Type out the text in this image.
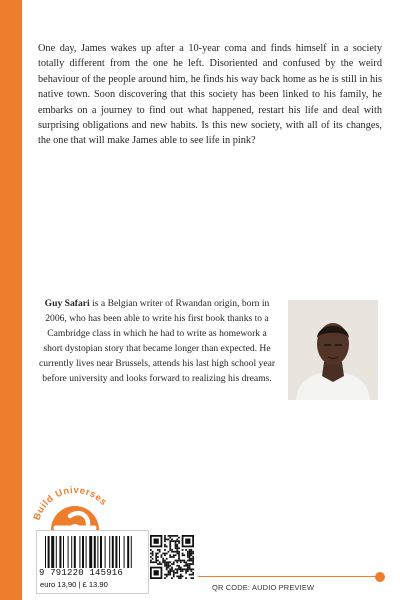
One day, James wakes up after a 10-year coma and finds himself in a society totally different from the one he left. Disoriented and confused by the weird behaviour of the people around him, he finds his way back home as he is still in his native town. Soon discovering that this society has been linked to his family, he embarks on a journey to find out what happened, restart his life and deal with surprising obligations and new habits. Is this new society, with all of its changes, the one that will make James able to see life in pink?

Guy Safari is a Belgian writer of Rwandan origin, born in 2006, who has been able to write his first book thanks to a Cambridge class in which he had to write as homework a short dystopian story that became longer than expected. He currently lives near Brussels, attends his last high school year before university and looks forward to realizing his dreams.

Build Universes
9 791220 145916
euro 13,90 | £ 13.90	QR CODE: AUDIO PREVIEW
